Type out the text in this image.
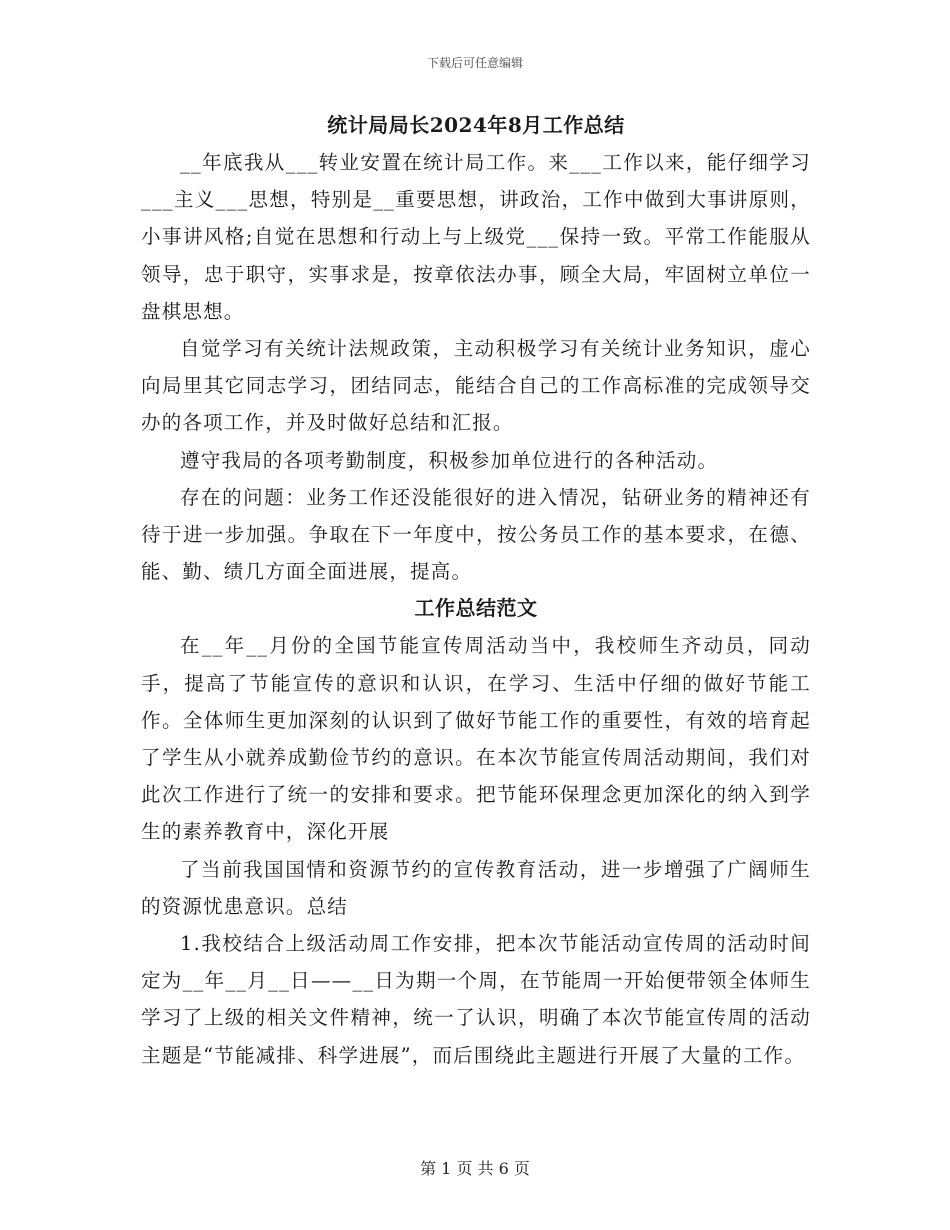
下载后可任意编辑
统计局局长2024年8月工作总结

__年底我从___转业安置在统计局工作。来___工作以来，能仔细学习___主义___思想，特别是__重要思想，讲政治，工作中做到大事讲原则，小事讲风格;自觉在思想和行动上与上级党___保持一致。平常工作能服从领导，忠于职守，实事求是，按章依法办事，顾全大局，牢固树立单位一盘棋思想。

自觉学习有关统计法规政策，主动积极学习有关统计业务知识，虚心向局里其它同志学习，团结同志，能结合自己的工作高标准的完成领导交办的各项工作，并及时做好总结和汇报。

遵守我局的各项考勤制度，积极参加单位进行的各种活动。

存在的问题：业务工作还没能很好的进入情况，钻研业务的精神还有待于进一步加强。争取在下一年度中，按公务员工作的基本要求，在德、能、勤、绩几方面全面进展，提高。

工作总结范文

在__年__月份的全国节能宣传周活动当中，我校师生齐动员，同动手，提高了节能宣传的意识和认识，在学习、生活中仔细的做好节能工作。全体师生更加深刻的认识到了做好节能工作的重要性，有效的培育起了学生从小就养成勤俭节约的意识。在本次节能宣传周活动期间，我们对此次工作进行了统一的安排和要求。把节能环保理念更加深化的纳入到学生的素养教育中，深化开展

了当前我国国情和资源节约的宣传教育活动，进一步增强了广阔师生的资源忧患意识。总结

1.我校结合上级活动周工作安排，把本次节能活动宣传周的活动时间定为__年__月__日——__日为期一个周，在节能周一开始便带领全体师生学习了上级的相关文件精神，统一了认识，明确了本次节能宣传周的活动主题是“节能减排、科学进展”，而后围绕此主题进行开展了大量的工作。

第 1 页 共 6 页
